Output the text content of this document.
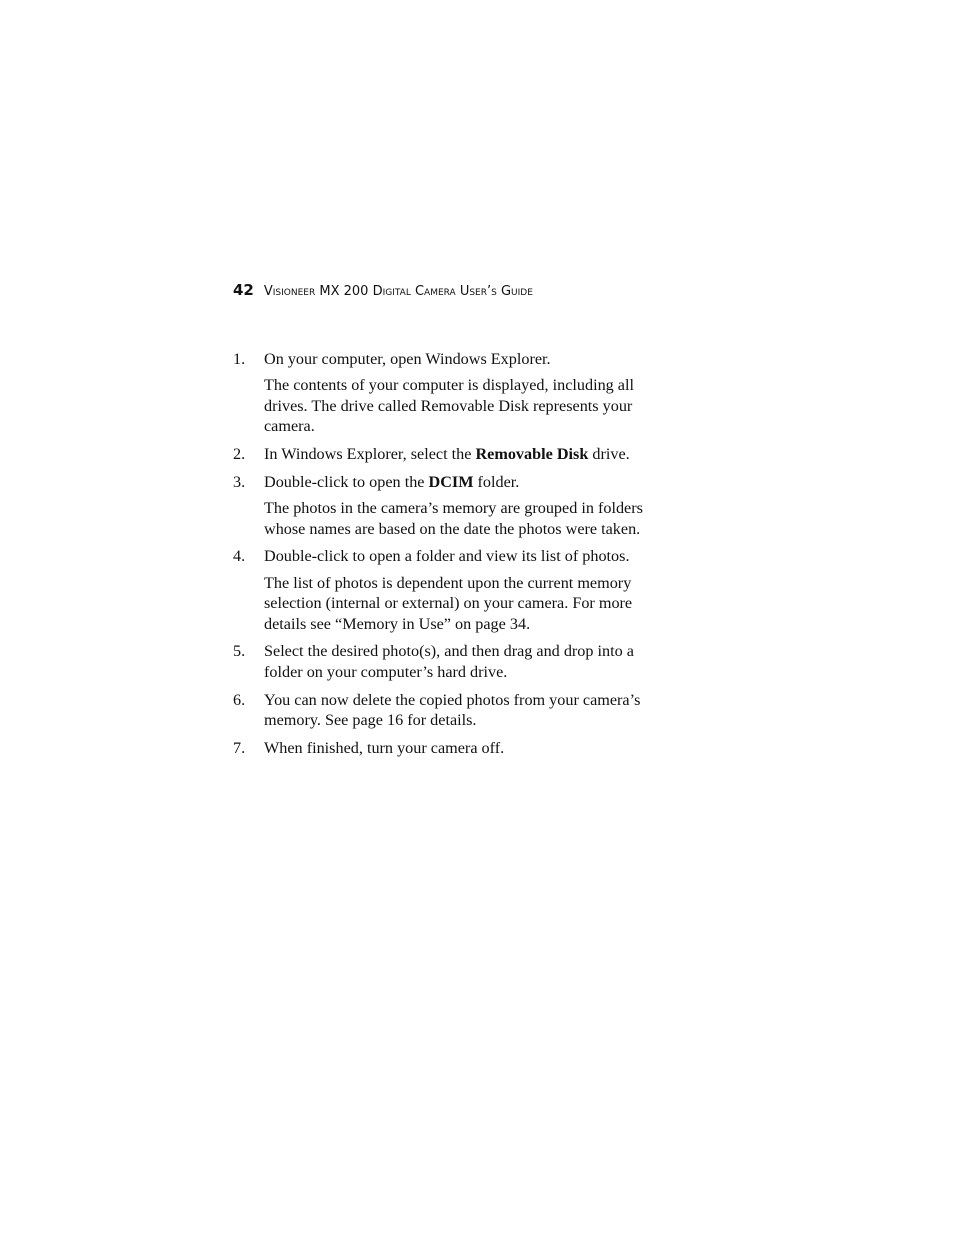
42 Visioneer MX 200 Digital Camera User’s Guide
1. On your computer, open Windows Explorer.

The contents of your computer is displayed, including all drives. The drive called Removable Disk represents your camera.

2. In Windows Explorer, select the Removable Disk drive.

3. Double-click to open the DCIM folder.

The photos in the camera’s memory are grouped in folders whose names are based on the date the photos were taken.

4. Double-click to open a folder and view its list of photos.

The list of photos is dependent upon the current memory selection (internal or external) on your camera. For more details see “Memory in Use” on page 34.

5. Select the desired photo(s), and then drag and drop into a folder on your computer’s hard drive.

6. You can now delete the copied photos from your camera’s memory. See page 16 for details.

7. When finished, turn your camera off.
